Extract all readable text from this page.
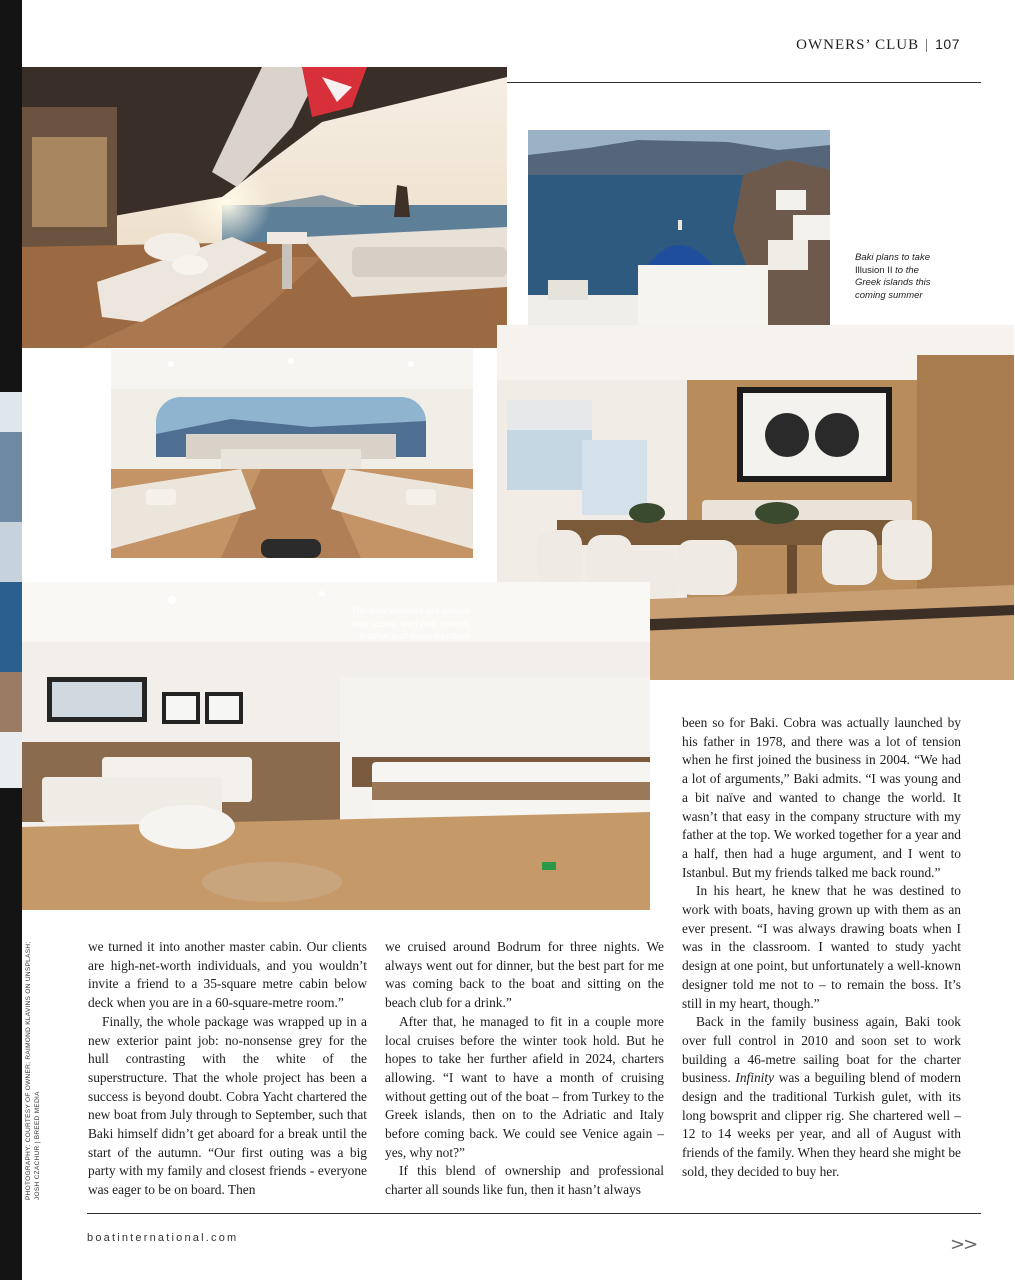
OWNERS’ CLUB | 107
Baki plans to take
Illusion II to the
Greek islands this
coming summer
The new interiors are simple
and subtle, with oak, marble
leather and loose furniture

we turned it into another master cabin. Our clients are high-net-worth individuals, and you wouldn’t invite a friend to a 35-square metre cabin below deck when you are in a 60-square-metre room.”

Finally, the whole package was wrapped up in a new exterior paint job: no-nonsense grey for the hull contrasting with the white of the superstructure. That the whole project has been a success is beyond doubt. Cobra Yacht chartered the new boat from July through to September, such that Baki himself didn’t get aboard for a break until the start of the autumn. “Our first outing was a big party with my family and closest friends - everyone was eager to be on board. Then

we cruised around Bodrum for three nights. We always went out for dinner, but the best part for me was coming back to the boat and sitting on the beach club for a drink.”

After that, he managed to fit in a couple more local cruises before the winter took hold. But he hopes to take her further afield in 2024, charters allowing. “I want to have a month of cruising without getting out of the boat – from Turkey to the Greek islands, then on to the Adriatic and Italy before coming back. We could see Venice again – yes, why not?”

If this blend of ownership and professional charter all sounds like fun, then it hasn’t always

been so for Baki. Cobra was actually launched by his father in 1978, and there was a lot of tension when he first joined the business in 2004. “We had a lot of arguments,” Baki admits. “I was young and a bit naïve and wanted to change the world. It wasn’t that easy in the company structure with my father at the top. We worked together for a year and a half, then had a huge argument, and I went to Istanbul. But my friends talked me back round.”

In his heart, he knew that he was destined to work with boats, having grown up with them as an ever present. “I was always drawing boats when I was in the classroom. I wanted to study yacht design at one point, but unfortunately a well-known designer told me not to – to remain the boss. It’s still in my heart, though.”

Back in the family business again, Baki took over full control in 2010 and soon set to work building a 46-metre sailing boat for the charter business. Infinity was a beguiling blend of modern design and the traditional Turkish gulet, with its long bowsprit and clipper rig. She chartered well – 12 to 14 weeks per year, and all of August with friends of the family. When they heard she might be sold, they decided to buy her.

PHOTOGRAPHY: COURTESY OF OWNER; RAIMOND KLAVINS ON UNSPLASH; JOSH CZACHUR | BREED MEDIA
boatinternational.com	>>
